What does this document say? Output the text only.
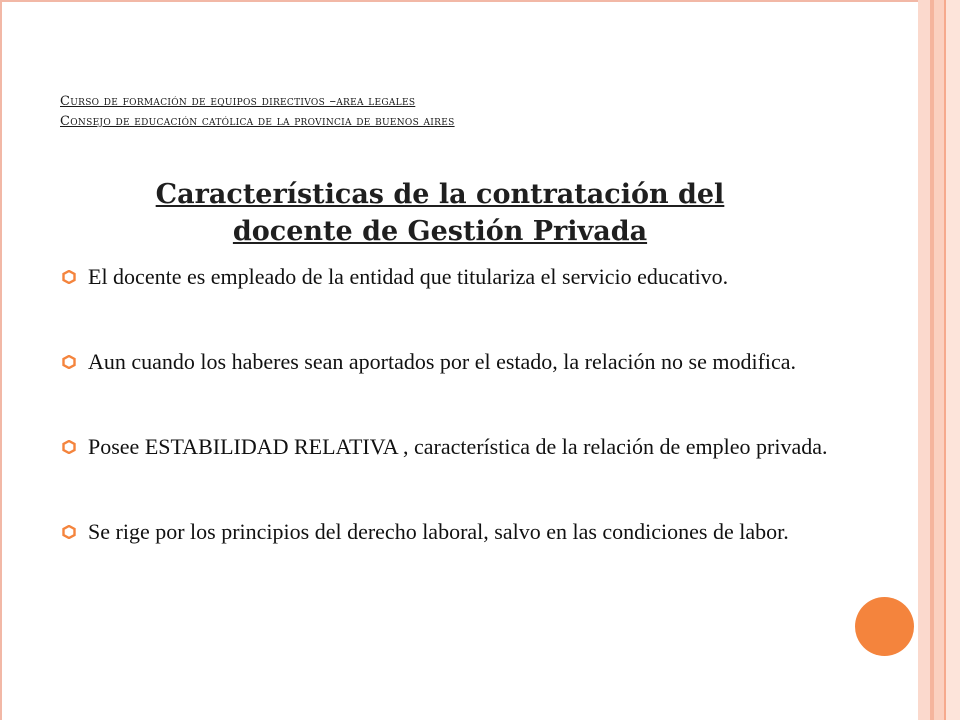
Curso de formación de equipos directivos –area legales
Consejo de educación católica de la provincia de buenos aires
Características de la contratación del docente de Gestión Privada
El docente es empleado de la entidad que titulariza el servicio educativo.
Aun cuando los haberes sean aportados por el estado, la relación no se modifica.
Posee ESTABILIDAD RELATIVA , característica de la relación de empleo privada.
Se rige por los principios del derecho laboral, salvo en las condiciones de labor.
